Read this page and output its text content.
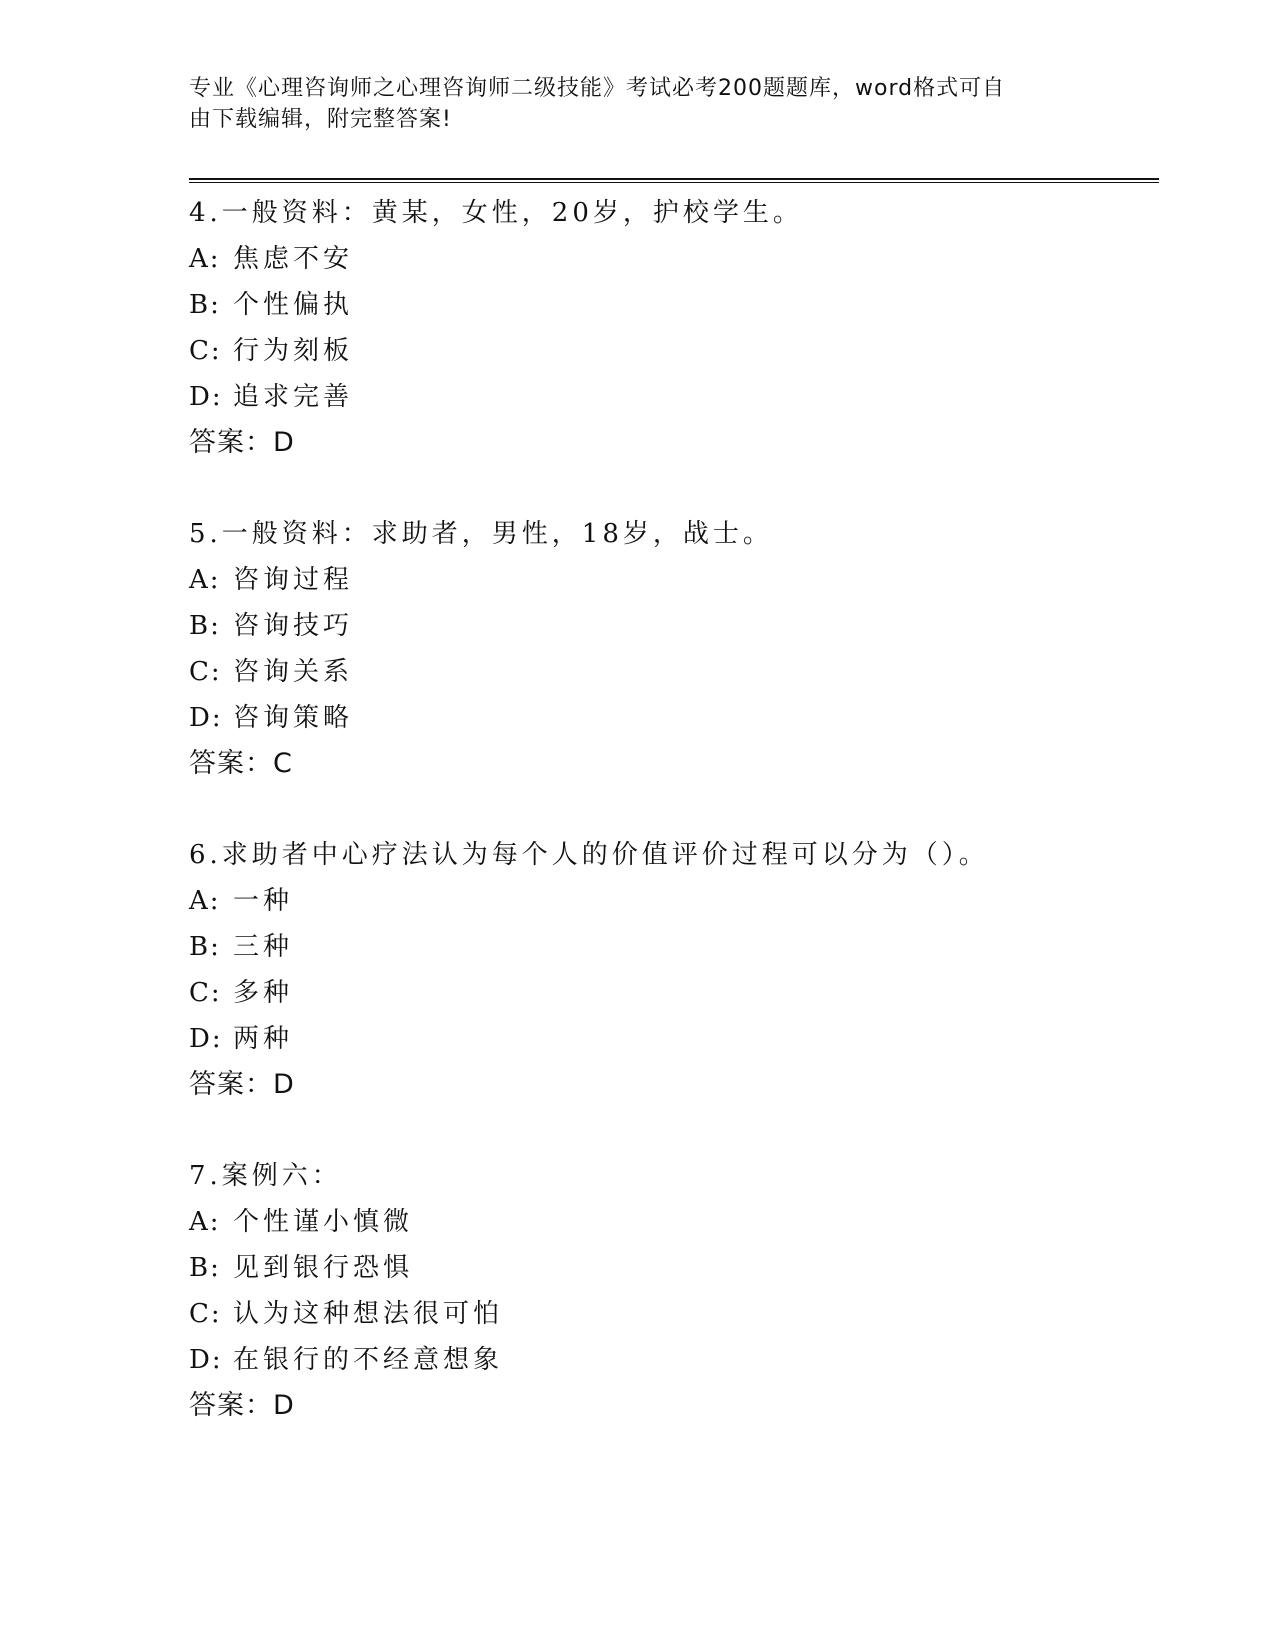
专业《心理咨询师之心理咨询师二级技能》考试必考200题题库，word格式可自
由下载编辑，附完整答案!
4.一般资料：黄某，女性，20岁，护校学生。
A: 焦虑不安
B: 个性偏执
C: 行为刻板
D: 追求完善
答案：D
5.一般资料：求助者，男性，18岁，战士。
A: 咨询过程
B: 咨询技巧
C: 咨询关系
D: 咨询策略
答案：C
6.求助者中心疗法认为每个人的价值评价过程可以分为（）。
A: 一种
B: 三种
C: 多种
D: 两种
答案：D
7.案例六：
A: 个性谨小慎微
B: 见到银行恐惧
C: 认为这种想法很可怕
D: 在银行的不经意想象
答案：D
